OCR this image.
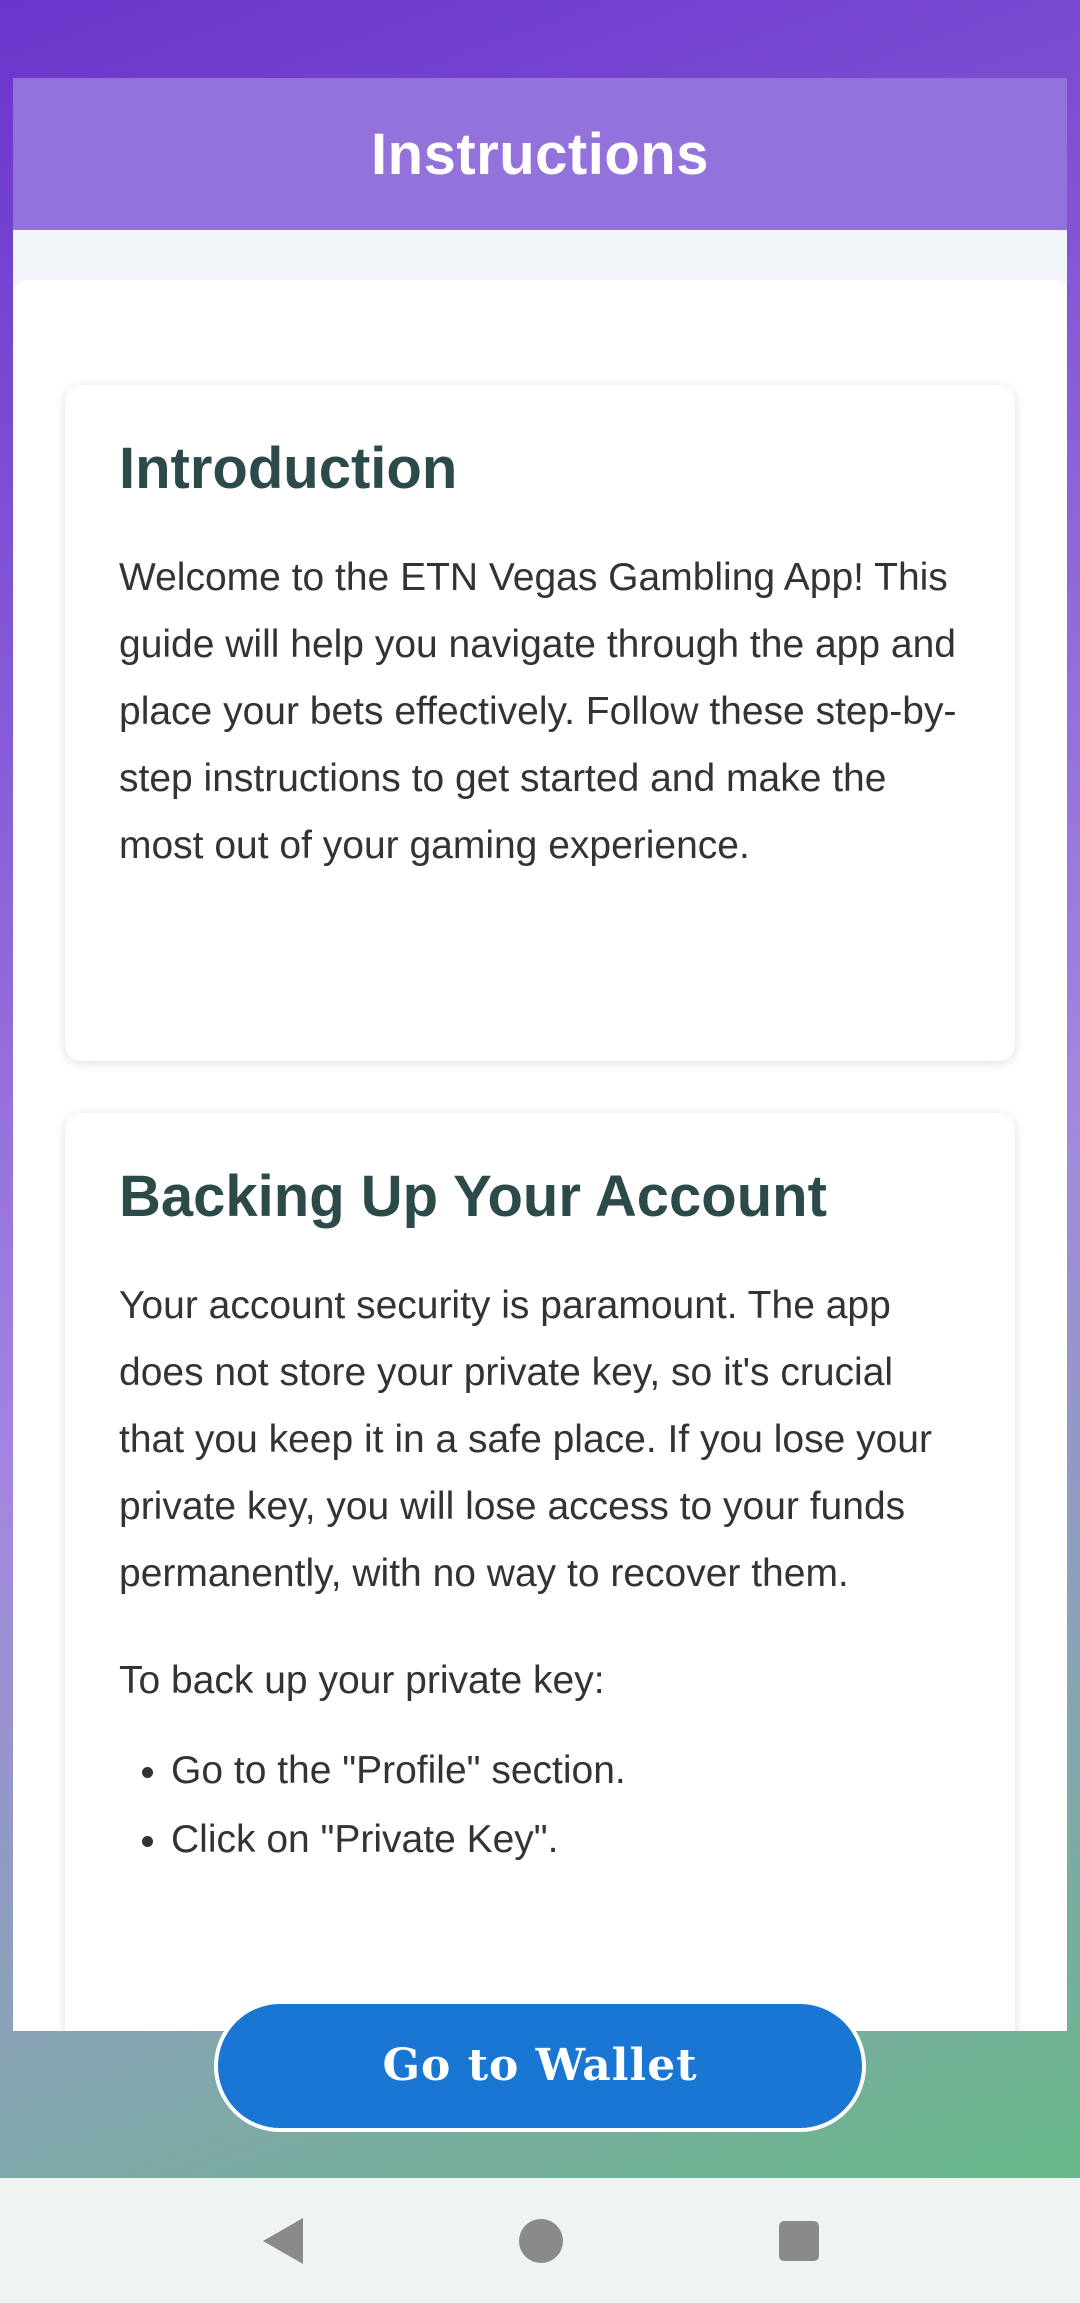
Instructions
Introduction

Welcome to the ETN Vegas Gambling App! This guide will help you navigate through the app and place your bets effectively. Follow these step-by-step instructions to get started and make the most out of your gaming experience.

Backing Up Your Account

Your account security is paramount. The app does not store your private key, so it's crucial that you keep it in a safe place. If you lose your private key, you will lose access to your funds permanently, with no way to recover them.

To back up your private key:

• Go to the "Profile" section.
• Click on "Private Key".
Go to Wallet
